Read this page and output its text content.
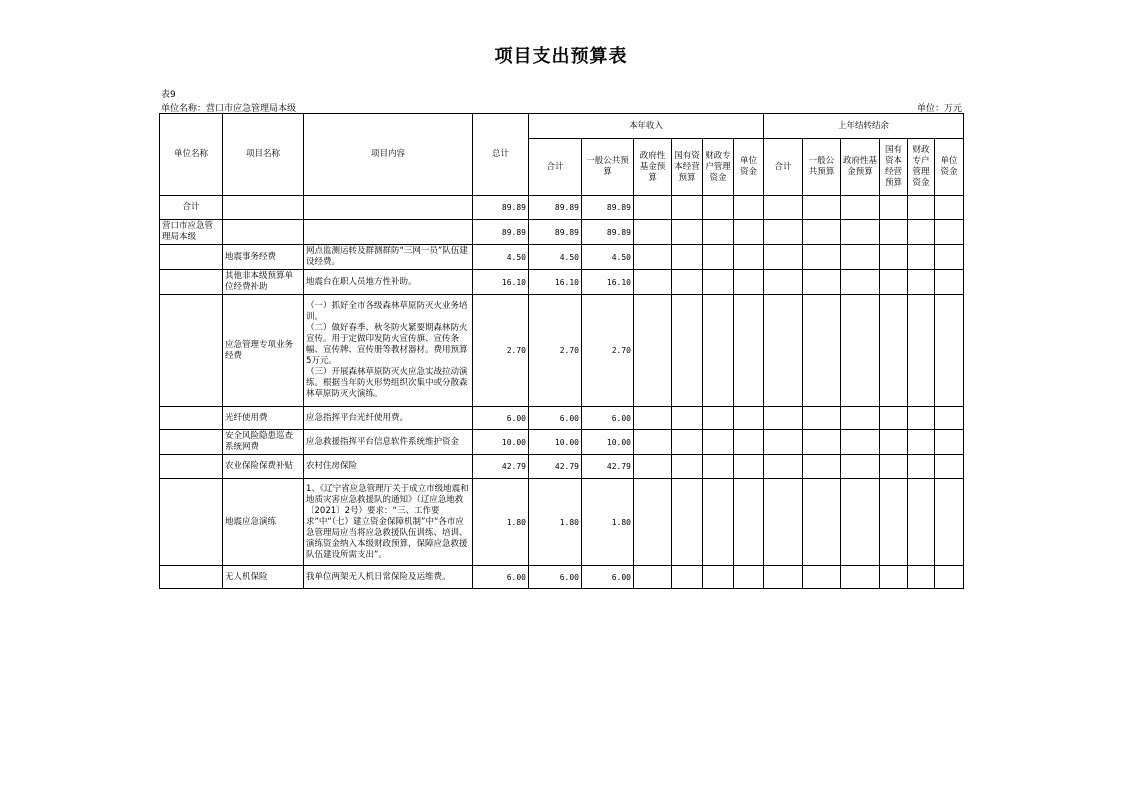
项目支出预算表
表9
单位名称：营口市应急管理局本级	单位：万元
单位名称	项目名称	项目内容	总计	本年收入						上年结转结余					
				合计	一般公共预算	政府性基金预算	国有资本经营预算	财政专户管理资金	单位资金	合计	一般公共预算	政府性基金预算	国有资本经营预算	财政专户管理资金	单位资金
合计			89.89	89.89	89.89										
营口市应急管理局本级			89.89	89.89	89.89										
	地震事务经费	网点监测运转及群测群防“三网一员”队伍建设经费。	4.50	4.50	4.50										
	其他非本级预算单位经费补助	地震台在职人员地方性补助。	16.10	16.10	16.10										
	应急管理专项业务经费	（一）抓好全市各级森林草原防灭火业务培训。
（二）做好春季、秋冬防火紧要期森林防火宣传。用于定做印发防火宣传旗、宣传条幅、宣传牌、宣传册等教材器材。费用预算5万元。
（三）开展森林草原防灭火应急实战拉动演练。根据当年防火形势组织次集中或分散森林草原防灭火演练。	2.70	2.70	2.70										
	光纤使用费	应急指挥平台光纤使用费。	6.00	6.00	6.00										
	安全风险隐患巡查系统网费	应急救援指挥平台信息软件系统维护资金	10.00	10.00	10.00										
	农业保险保费补贴	农村住房保险	42.79	42.79	42.79										
	地震应急演练	1、《辽宁省应急管理厅关于成立市级地震和地质灾害应急救援队的通知》（辽应急地救〔2021〕2号）要求：“三、工作要求”中“（七）建立资金保障机制”中“各市应急管理局应当将应急救援队伍训练、培训、演练资金纳入本级财政预算，保障应急救援队伍建设所需支出”。	1.80	1.80	1.80										
	无人机保险	我单位两架无人机日常保险及运维费。	6.00	6.00	6.00										
